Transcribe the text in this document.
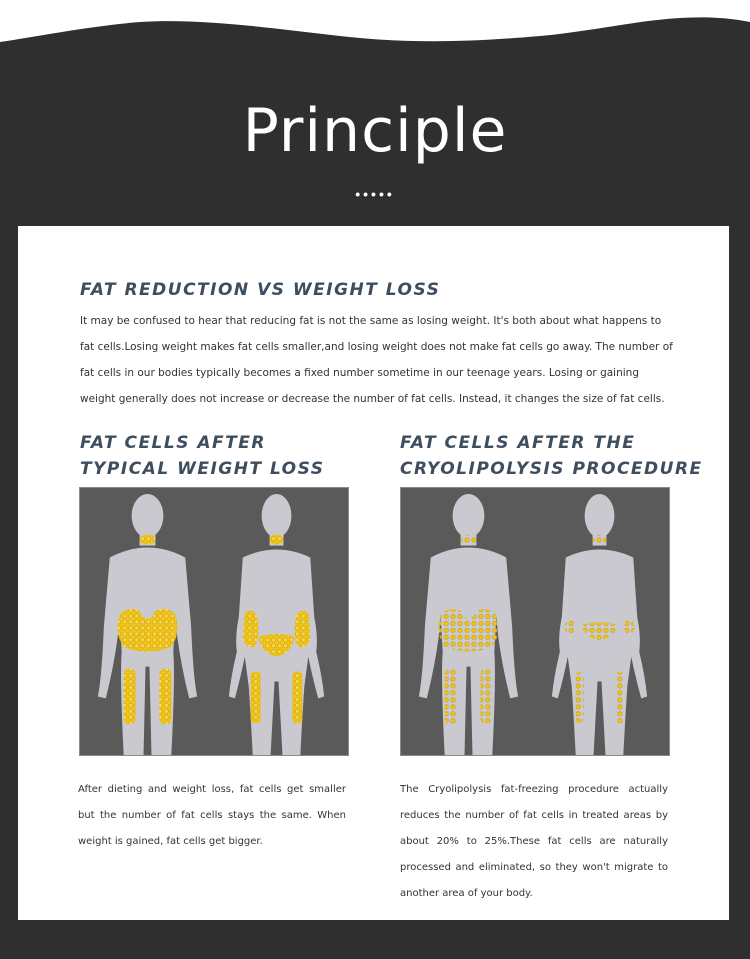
Principle
•••••
FAT REDUCTION VS WEIGHT LOSS
It may be confused to hear that reducing fat is not the same as losing weight. It's both about what happens to fat cells.Losing weight makes fat cells smaller,and losing weight does not make fat cells go away. The number of fat cells in our bodies typically becomes a fixed number sometime in our teenage years. Losing or gaining weight generally does not increase or decrease the number of fat cells. Instead, it changes the size of fat cells.
FAT CELLS AFTER
TYPICAL WEIGHT LOSS
FAT CELLS AFTER THE
CRYOLIPOLYSIS PROCEDURE
After dieting and weight loss, fat cells get smaller but the number of fat cells stays the same. When weight is gained, fat cells get bigger.
The Cryolipolysis fat-freezing procedure actually reduces the number of fat cells in treated areas by about 20% to 25%.These fat cells are naturally processed and eliminated, so they won't migrate to another area of your body.
